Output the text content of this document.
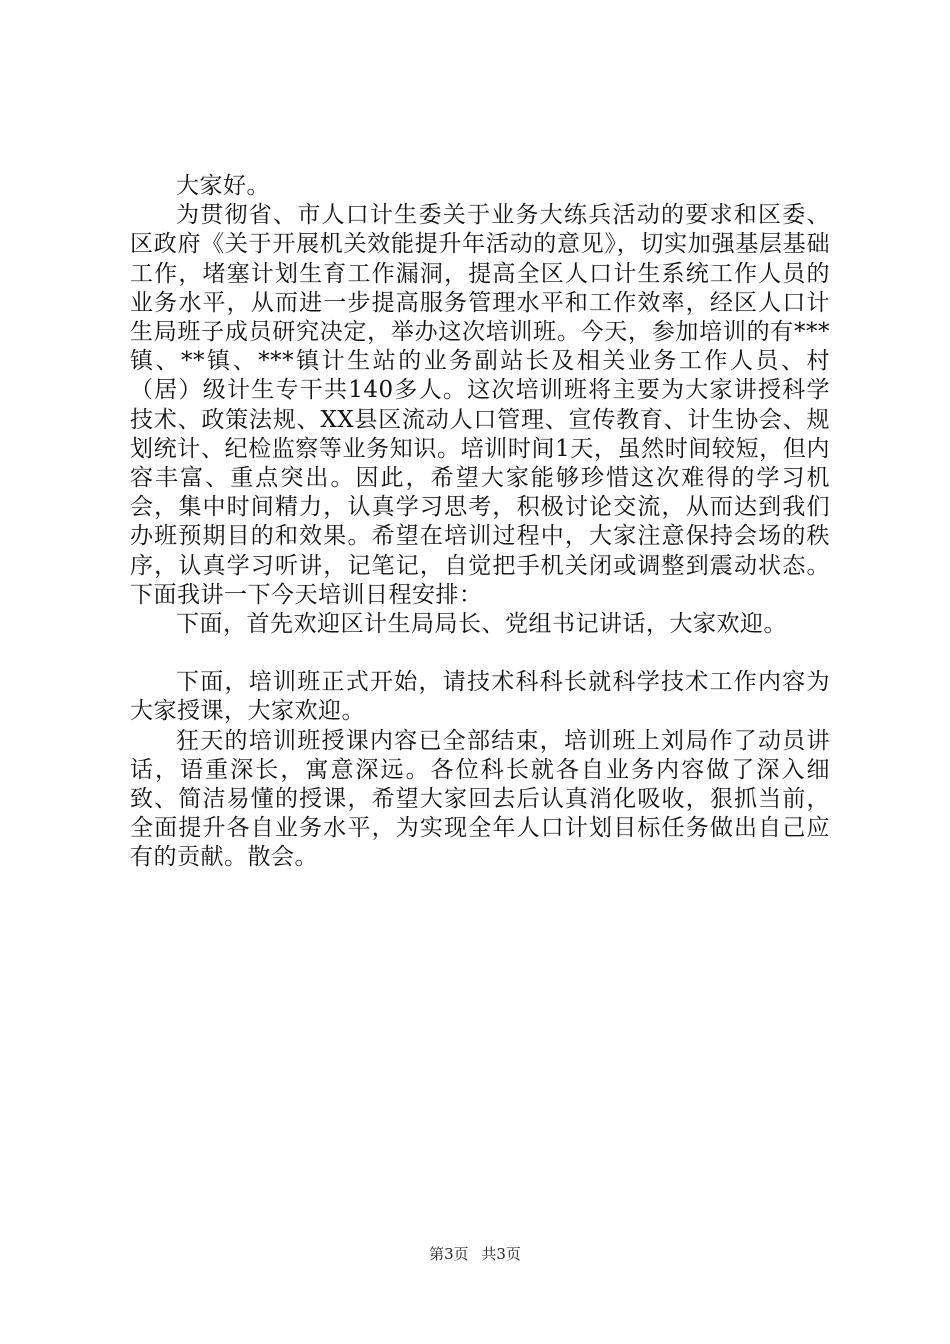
大家好。

为贯彻省、市人口计生委关于业务大练兵活动的要求和区委、区政府《关于开展机关效能提升年活动的意见》，切实加强基层基础工作，堵塞计划生育工作漏洞，提高全区人口计生系统工作人员的业务水平，从而进一步提高服务管理水平和工作效率，经区人口计生局班子成员研究决定，举办这次培训班。今天，参加培训的有***镇、**镇、***镇计生站的业务副站长及相关业务工作人员、村（居）级计生专干共140多人。这次培训班将主要为大家讲授科学技术、政策法规、XX县区流动人口管理、宣传教育、计生协会、规划统计、纪检监察等业务知识。培训时间1天，虽然时间较短，但内容丰富、重点突出。因此，希望大家能够珍惜这次难得的学习机会，集中时间精力，认真学习思考，积极讨论交流，从而达到我们办班预期目的和效果。希望在培训过程中，大家注意保持会场的秩序，认真学习听讲，记笔记，自觉把手机关闭或调整到震动状态。下面我讲一下今天培训日程安排：

下面，首先欢迎区计生局局长、党组书记讲话，大家欢迎。

下面，培训班正式开始，请技术科科长就科学技术工作内容为大家授课，大家欢迎。

狂天的培训班授课内容已全部结束，培训班上刘局作了动员讲话，语重深长，寓意深远。各位科长就各自业务内容做了深入细致、简洁易懂的授课，希望大家回去后认真消化吸收，狠抓当前，全面提升各自业务水平，为实现全年人口计划目标任务做出自己应有的贡献。散会。

第3页 共3页
